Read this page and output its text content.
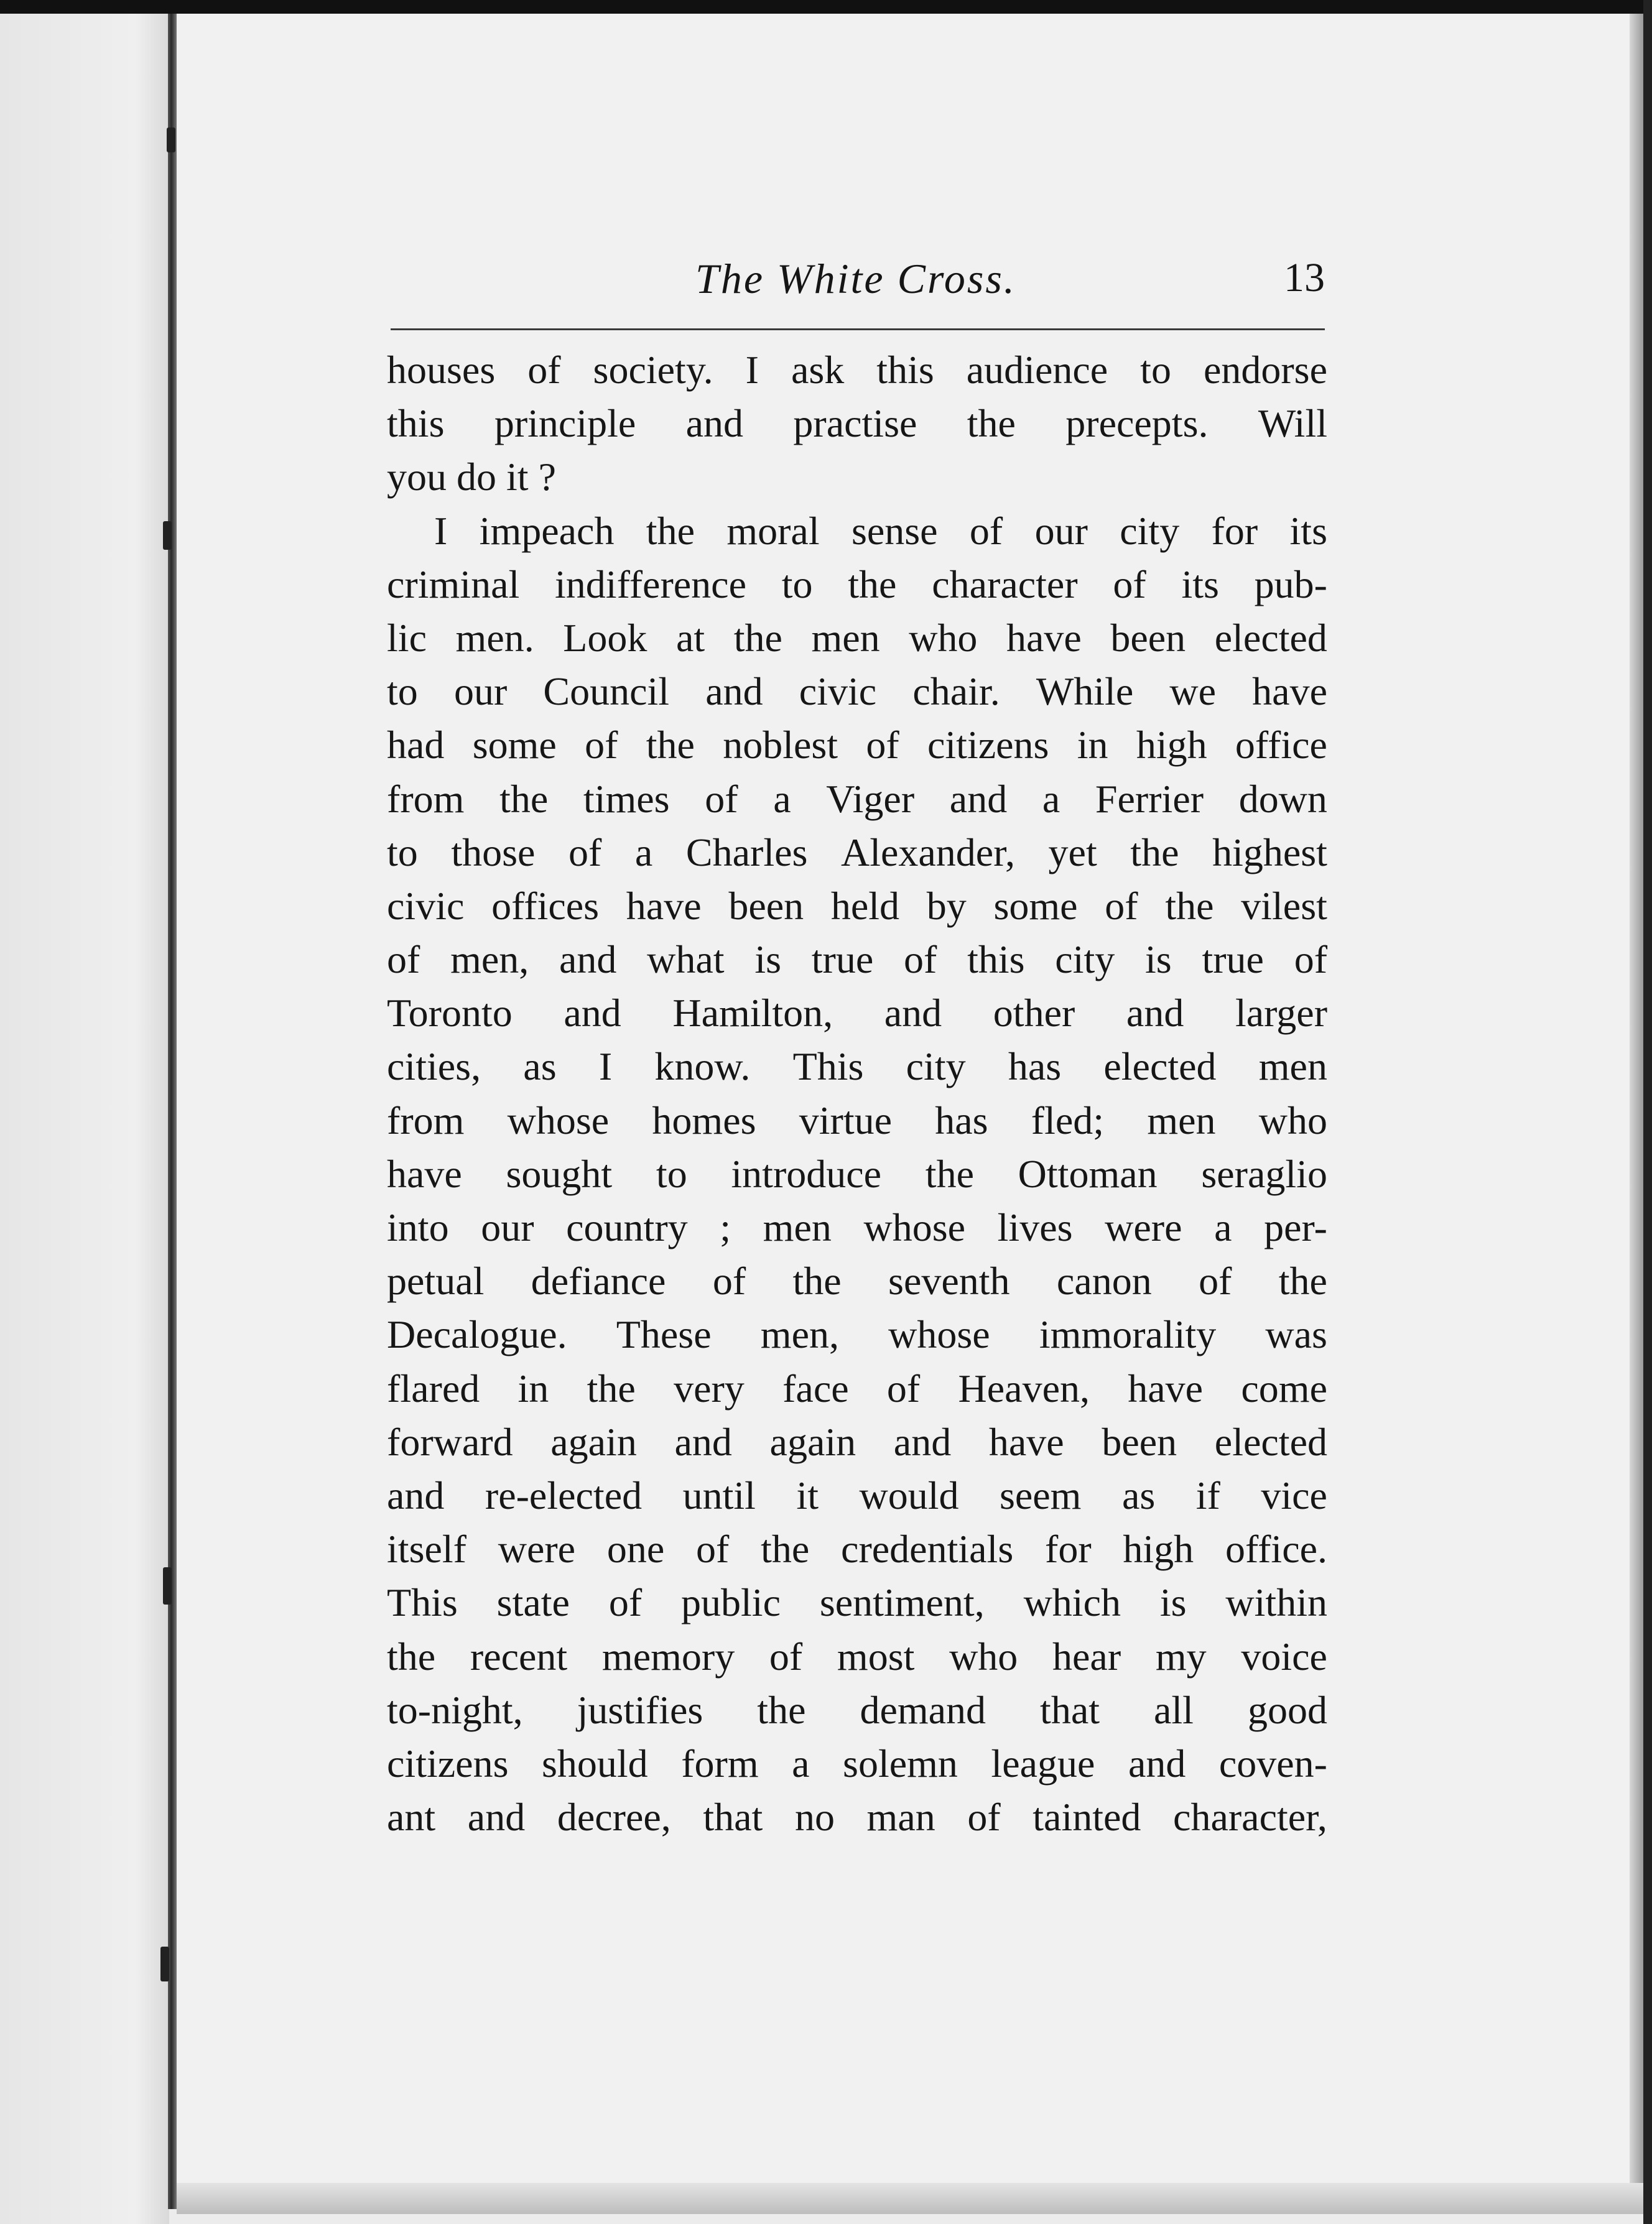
The White Cross.	13
houses of society. I ask this audience to endorse
this principle and practise the precepts. Will
you do it ?
I impeach the moral sense of our city for its
criminal indifference to the character of its pub-
lic men. Look at the men who have been elected
to our Council and civic chair. While we have
had some of the noblest of citizens in high office
from the times of a Viger and a Ferrier down
to those of a Charles Alexander, yet the highest
civic offices have been held by some of the vilest
of men, and what is true of this city is true of
Toronto and Hamilton, and other and larger
cities, as I know. This city has elected men
from whose homes virtue has fled; men who
have sought to introduce the Ottoman seraglio
into our country ; men whose lives were a per-
petual defiance of the seventh canon of the
Decalogue. These men, whose immorality was
flared in the very face of Heaven, have come
forward again and again and have been elected
and re-elected until it would seem as if vice
itself were one of the credentials for high office.
This state of public sentiment, which is within
the recent memory of most who hear my voice
to-night, justifies the demand that all good
citizens should form a solemn league and coven-
ant and decree, that no man of tainted character,
